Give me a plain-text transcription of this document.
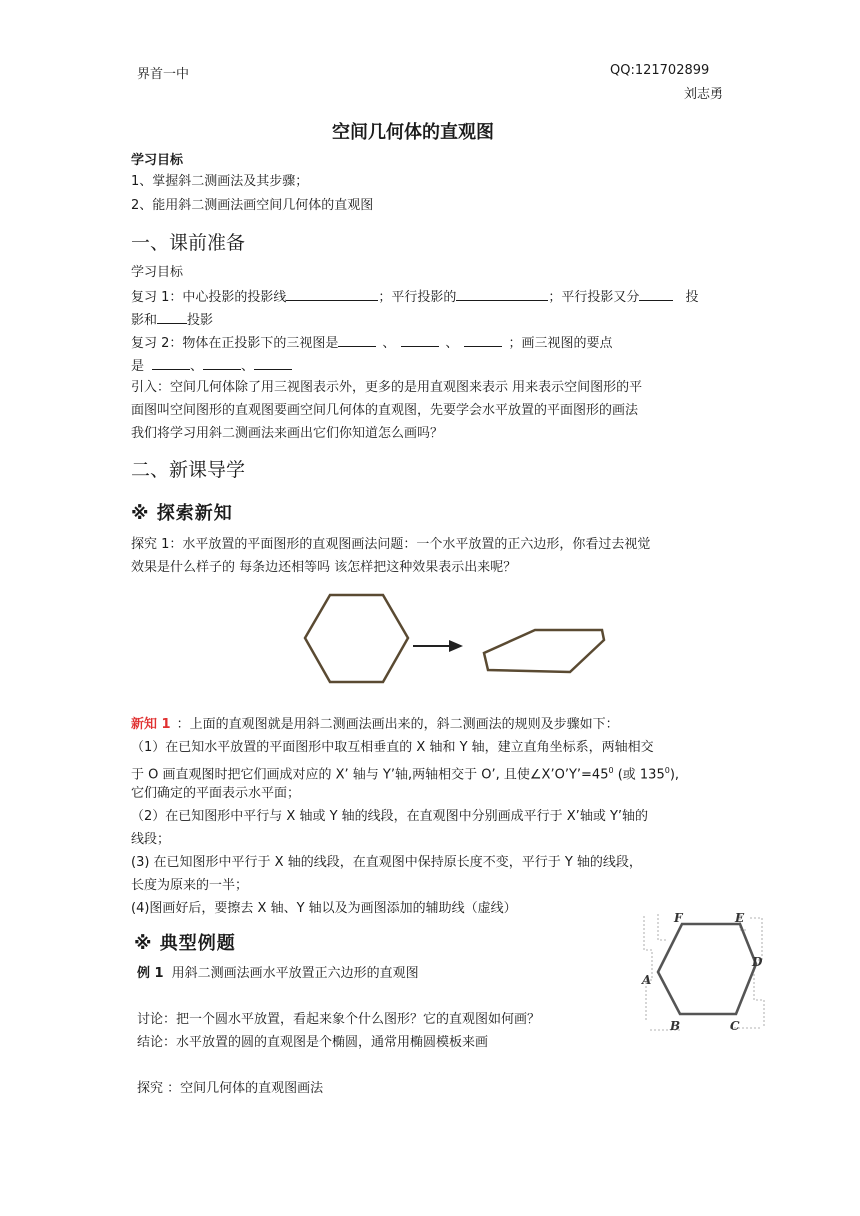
界首一中	QQ:121702899
刘志勇
空间几何体的直观图
学习目标
1、掌握斜二测画法及其步骤；
2、能用斜二测画法画空间几何体的直观图
一、课前准备
学习目标
复习 1：中心投影的投影线	；平行投影的	；平行投影又分	投
影和 投影
复习 2：物体在正投影下的三视图是	、	、	；画三视图的要点
是	、	、
引入：空间几何体除了用三视图表示外，更多的是用直观图来表示 用来表示空间图形的平
面图叫空间图形的直观图要画空间几何体的直观图，先要学会水平放置的平面图形的画法
我们将学习用斜二测画法来画出它们你知道怎么画吗？
二、新课导学
※ 探索新知
探究 1：水平放置的平面图形的直观图画法问题：一个水平放置的正六边形，你看过去视觉
效果是什么样子的 每条边还相等吗 该怎样把这种效果表示出来呢？
新知 1 ：上面的直观图就是用斜二测画法画出来的，斜二测画法的规则及步骤如下：
（1）在已知水平放置的平面图形中取互相垂直的 X 轴和 Y 轴，建立直角坐标系，两轴相交
于 O 画直观图时把它们画成对应的 X’ 轴与 Y’轴,两轴相交于 O’, 且使$\angle X’O’Y’=45^0$ (或 $135^0$),
它们确定的平面表示水平面；
（2）在已知图形中平行与 X 轴或 Y 轴的线段，在直观图中分别画成平行于 X’轴或 Y’轴的
线段；
(3) 在已知图形中平行于 X 轴的线段，在直观图中保持原长度不变，平行于 Y 轴的线段，
长度为原来的一半；
(4)图画好后，要擦去 X 轴、Y 轴以及为画图添加的辅助线（虚线）
※ 典型例题
例 1 用斜二测画法画水平放置正六边形的直观图
讨论：把一个圆水平放置，看起来象个什么图形？它的直观图如何画？
结论：水平放置的圆的直观图是个椭圆，通常用椭圆模板来画
探究 ：空间几何体的直观图画法
A
B	C
D
E
F
